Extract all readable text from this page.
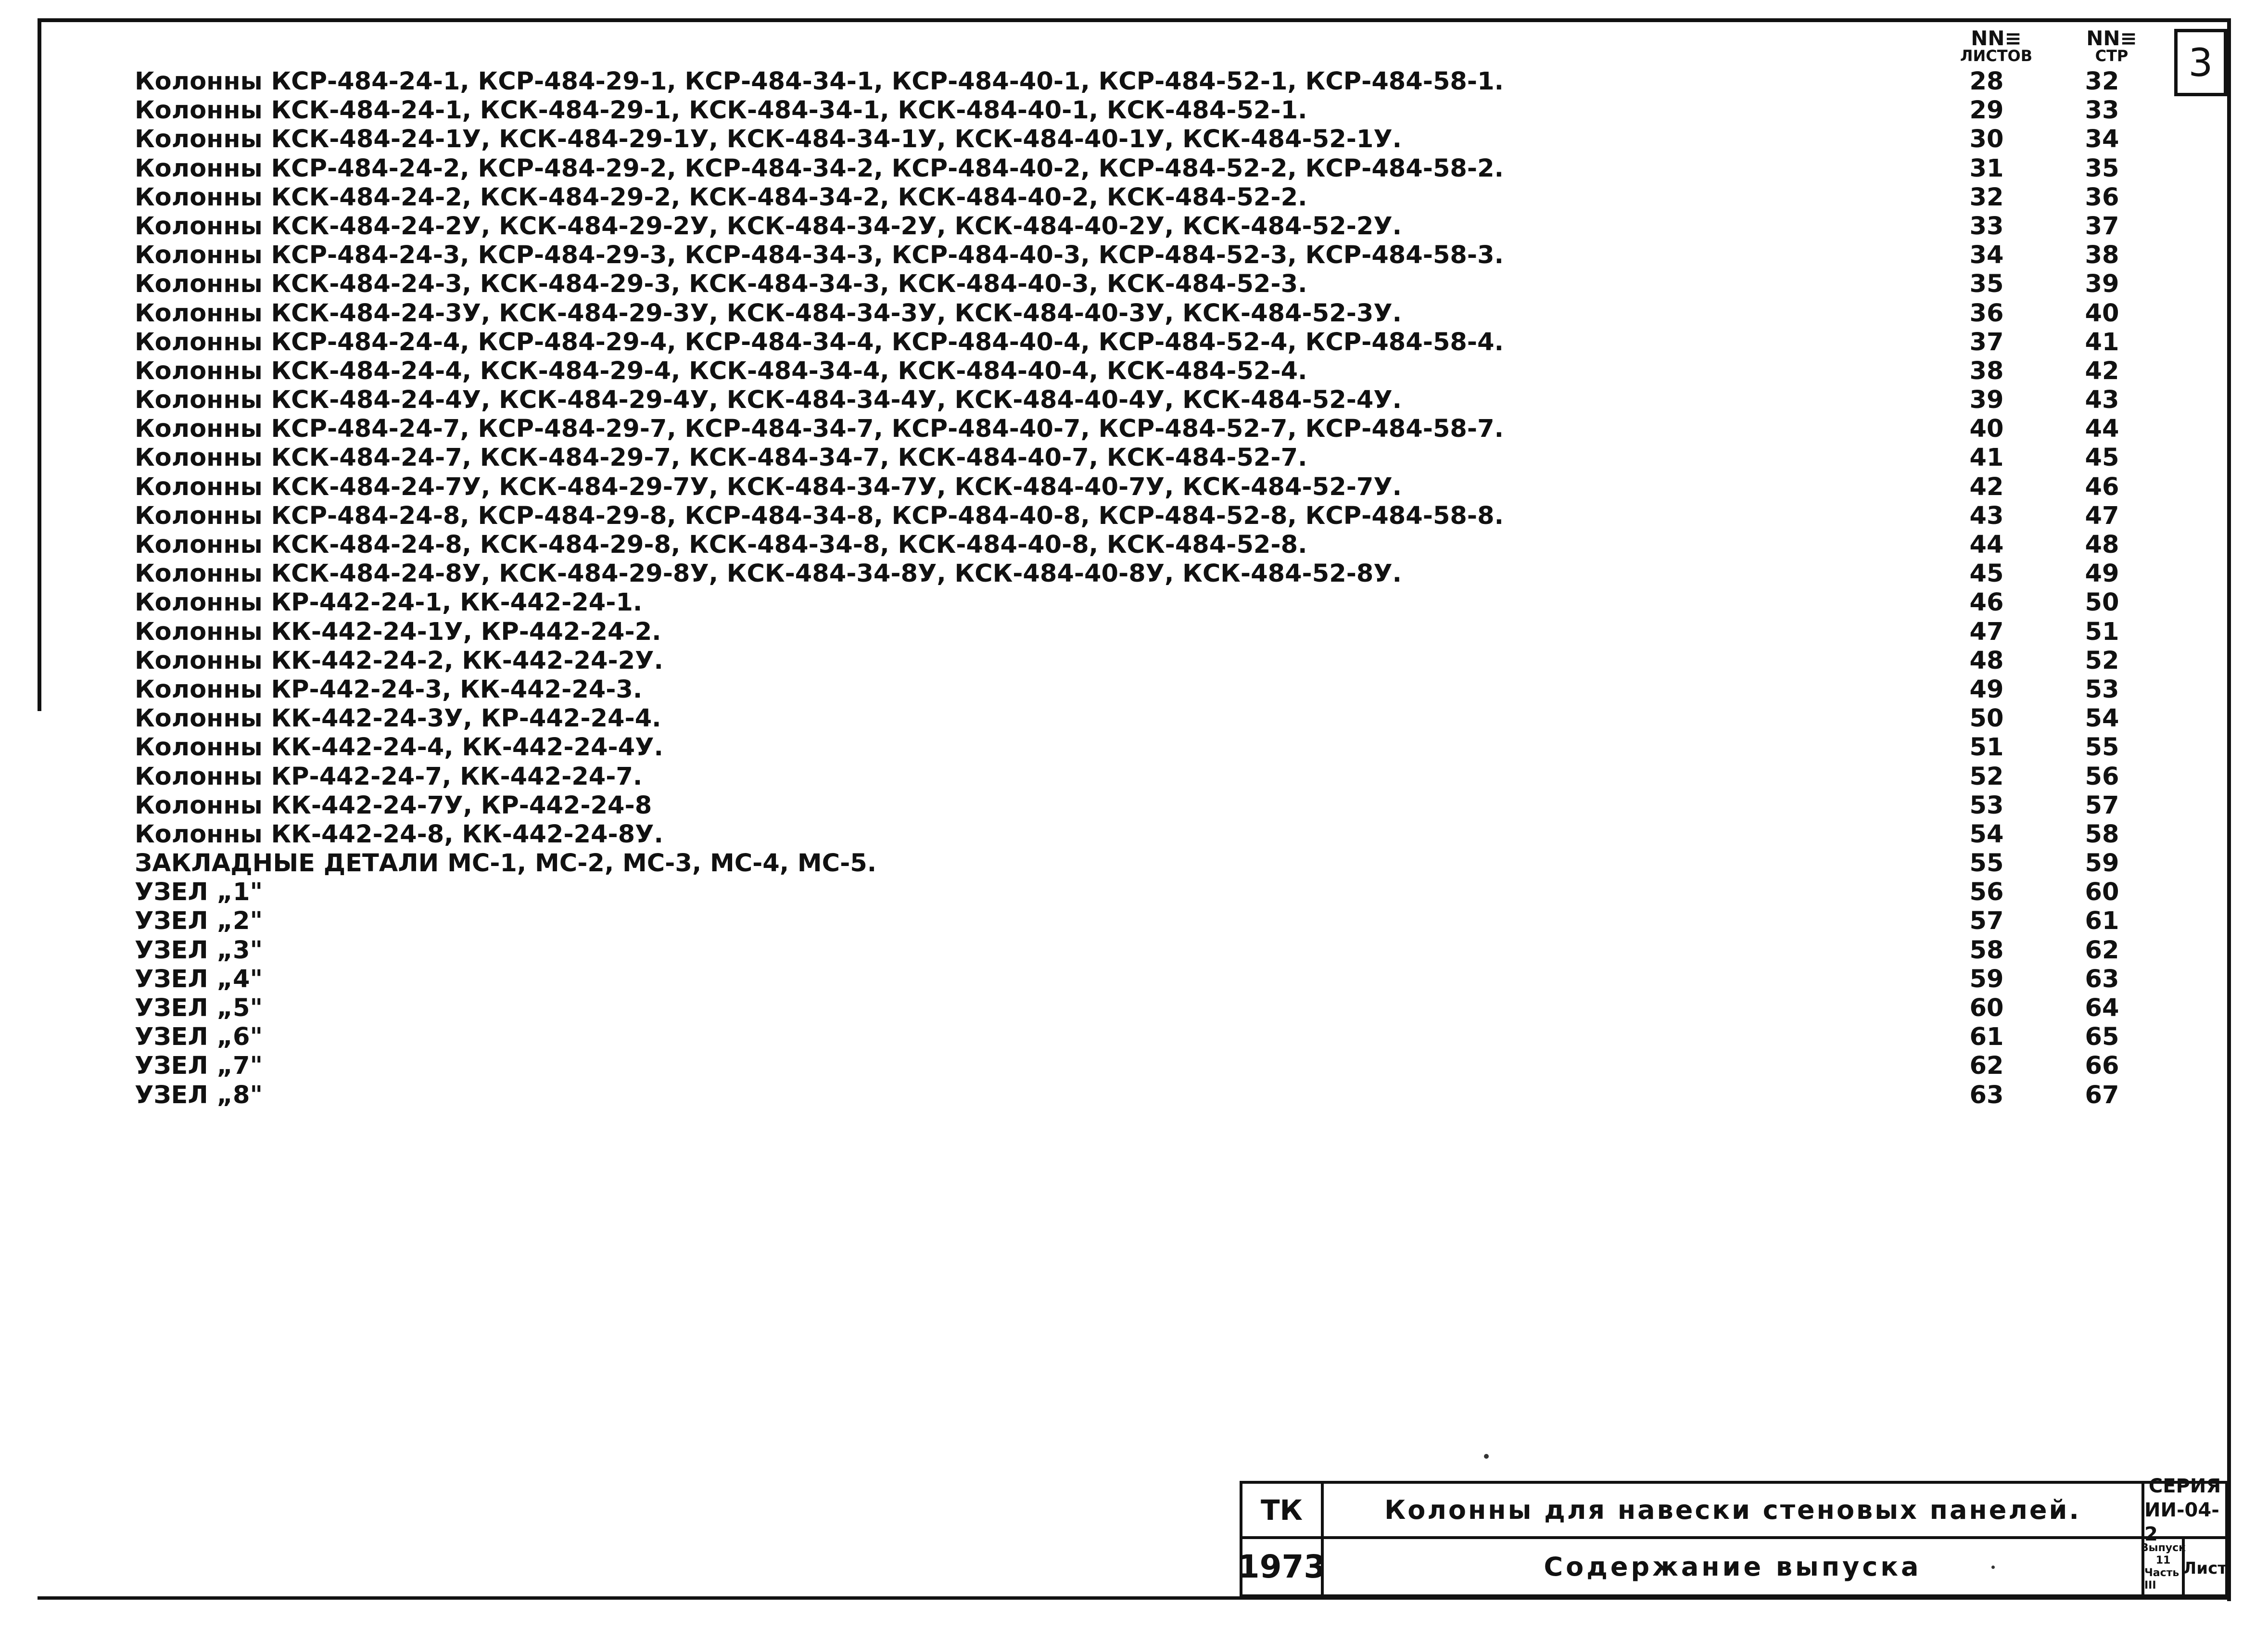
3
NN≡
ЛИСТОВ
NN≡
СТР
Колонны КСР-484-24-1, КСР-484-29-1, КСР-484-34-1, КСР-484-40-1, КСР-484-52-1, КСР-484-58-1.	28	32
Колонны КСК-484-24-1, КСК-484-29-1, КСК-484-34-1, КСК-484-40-1, КСК-484-52-1.	29	33
Колонны КСК-484-24-1У, КСК-484-29-1У, КСК-484-34-1У, КСК-484-40-1У, КСК-484-52-1У.	30	34
Колонны КСР-484-24-2, КСР-484-29-2, КСР-484-34-2, КСР-484-40-2, КСР-484-52-2, КСР-484-58-2.	31	35
Колонны КСК-484-24-2, КСК-484-29-2, КСК-484-34-2, КСК-484-40-2, КСК-484-52-2.	32	36
Колонны КСК-484-24-2У, КСК-484-29-2У, КСК-484-34-2У, КСК-484-40-2У, КСК-484-52-2У.	33	37
Колонны КСР-484-24-3, КСР-484-29-3, КСР-484-34-3, КСР-484-40-3, КСР-484-52-3, КСР-484-58-3.	34	38
Колонны КСК-484-24-3, КСК-484-29-3, КСК-484-34-3, КСК-484-40-3, КСК-484-52-3.	35	39
Колонны КСК-484-24-3У, КСК-484-29-3У, КСК-484-34-3У, КСК-484-40-3У, КСК-484-52-3У.	36	40
Колонны КСР-484-24-4, КСР-484-29-4, КСР-484-34-4, КСР-484-40-4, КСР-484-52-4, КСР-484-58-4.	37	41
Колонны КСК-484-24-4, КСК-484-29-4, КСК-484-34-4, КСК-484-40-4, КСК-484-52-4.	38	42
Колонны КСК-484-24-4У, КСК-484-29-4У, КСК-484-34-4У, КСК-484-40-4У, КСК-484-52-4У.	39	43
Колонны КСР-484-24-7, КСР-484-29-7, КСР-484-34-7, КСР-484-40-7, КСР-484-52-7, КСР-484-58-7.	40	44
Колонны КСК-484-24-7, КСК-484-29-7, КСК-484-34-7, КСК-484-40-7, КСК-484-52-7.	41	45
Колонны КСК-484-24-7У, КСК-484-29-7У, КСК-484-34-7У, КСК-484-40-7У, КСК-484-52-7У.	42	46
Колонны КСР-484-24-8, КСР-484-29-8, КСР-484-34-8, КСР-484-40-8, КСР-484-52-8, КСР-484-58-8.	43	47
Колонны КСК-484-24-8, КСК-484-29-8, КСК-484-34-8, КСК-484-40-8, КСК-484-52-8.	44	48
Колонны КСК-484-24-8У, КСК-484-29-8У, КСК-484-34-8У, КСК-484-40-8У, КСК-484-52-8У.	45	49
Колонны КР-442-24-1, КК-442-24-1.	46	50
Колонны КК-442-24-1У, КР-442-24-2.	47	51
Колонны КК-442-24-2, КК-442-24-2У.	48	52
Колонны КР-442-24-3, КК-442-24-3.	49	53
Колонны КК-442-24-3У, КР-442-24-4.	50	54
Колонны КК-442-24-4, КК-442-24-4У.	51	55
Колонны КР-442-24-7, КК-442-24-7.	52	56
Колонны КК-442-24-7У, КР-442-24-8	53	57
Колонны КК-442-24-8, КК-442-24-8У.	54	58
ЗАКЛАДНЫЕ ДЕТАЛИ МС-1, МС-2, МС-3, МС-4, МС-5.	55	59
УЗЕЛ „1"	56	60
УЗЕЛ „2"	57	61
УЗЕЛ „3"	58	62
УЗЕЛ „4"	59	63
УЗЕЛ „5"	60	64
УЗЕЛ „6"	61	65
УЗЕЛ „7"	62	66
УЗЕЛ „8"	63	67
ТК
1973
Колонны для навески стеновых панелей.
Содержание выпуска
СЕРИЯ
ИИ-04-2
Выпуск
11
Часть III
Лист
